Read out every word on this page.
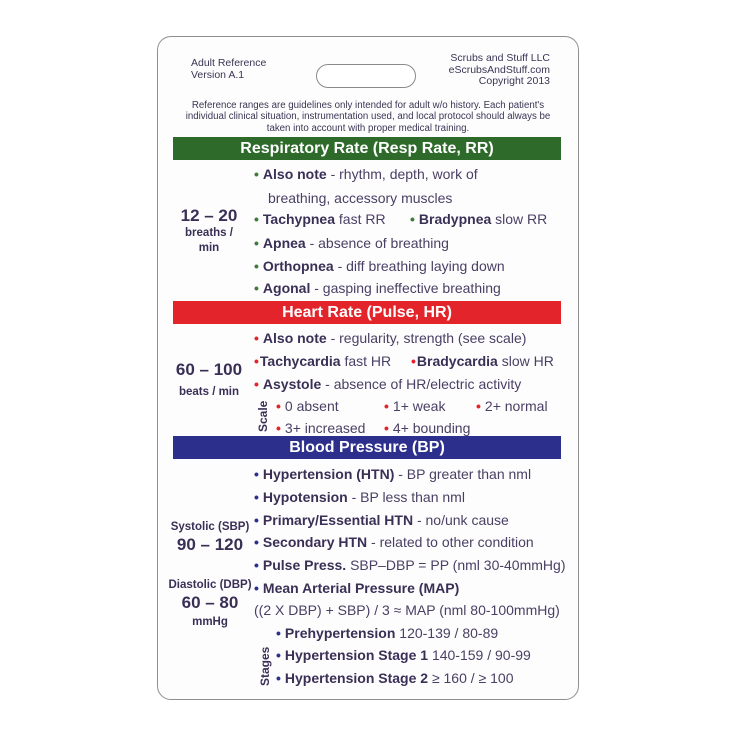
Adult Reference
Version A.1
Scrubs and Stuff LLC
eScrubsAndStuff.com
Copyright 2013
Reference ranges are guidelines only intended for adult w/o history. Each patient's individual clinical situation, instrumentation used, and local protocol should always be taken into account with proper medical training.
Respiratory Rate (Resp Rate, RR)
12 – 20
breaths /
min
• Also note - rhythm, depth, work of
breathing, accessory muscles
• Tachypnea fast RR • Bradypnea slow RR
• Apnea - absence of breathing
• Orthopnea - diff breathing laying down
• Agonal - gasping ineffective breathing
Heart Rate (Pulse, HR)
60 – 100
beats / min
• Also note - regularity, strength (see scale)
•Tachycardia fast HR •Bradycardia slow HR
• Asystole - absence of HR/electric activity
Scale • 0 absent	• 1+ weak • 2+ normal
• 3+ increased • 4+ bounding
Blood Pressure (BP)
Systolic (SBP)
90 – 120
Diastolic (DBP)
60 – 80
mmHg
• Hypertension (HTN) - BP greater than nml
• Hypotension - BP less than nml
• Primary/Essential HTN - no/unk cause
• Secondary HTN - related to other condition
• Pulse Press. SBP–DBP = PP (nml 30-40mmHg)
• Mean Arterial Pressure (MAP)
((2 X DBP) + SBP) / 3 ≈ MAP (nml 80-100mmHg)
Stages
• Prehypertension 120-139 / 80-89
• Hypertension Stage 1 140-159 / 90-99
• Hypertension Stage 2 ≥ 160 / ≥ 100
